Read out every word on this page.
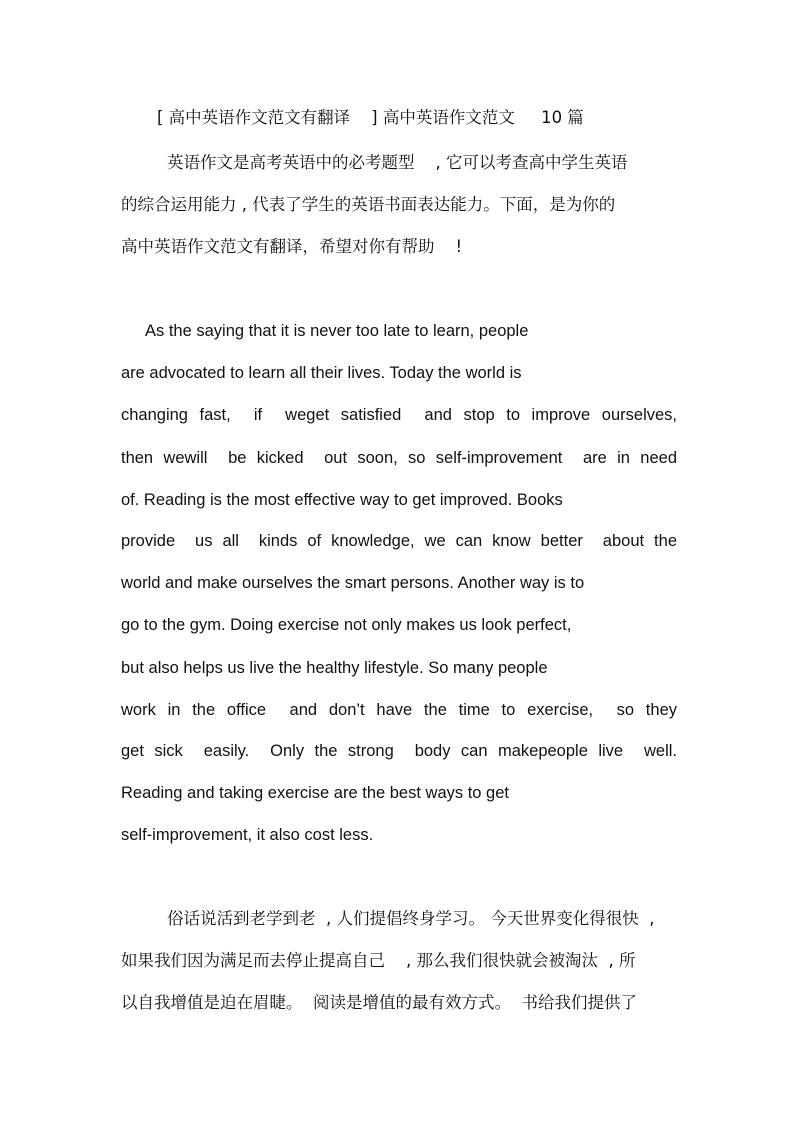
[ 高中英语作文范文有翻译    ] 高中英语作文范文     10 篇
英语作文是高考英语中的必考题型    , 它可以考查高中学生英语
的综合运用能力 , 代表了学生的英语书面表达能力。下面，是为你的
高中英语作文范文有翻译，希望对你有帮助    !
As the saying that it is never too late to learn, people
are advocated to learn all their lives. Today the world is
changing fast,  if  weget satisfied  and stop to improve ourselves,
then wewill  be kicked  out soon, so self-improvement  are in need
of. Reading is the most effective way to get improved. Books
provide  us all  kinds of knowledge, we can know better  about the
world and make ourselves the smart persons. Another way is to
go to the gym. Doing exercise not only makes us look perfect,
but also helps us live the healthy lifestyle. So many people
work in the office  and don’t have the time to exercise,  so they
get sick  easily.  Only the strong  body can makepeople live  well.
Reading and taking exercise are the best ways to get
self-improvement, it also cost less.
俗话说活到老学到老  , 人们提倡终身学习。 今天世界变化得很快  ,
如果我们因为满足而去停止提高自己    , 那么我们很快就会被淘汰  , 所
以自我增值是迫在眉睫。  阅读是增值的最有效方式。  书给我们提供了
